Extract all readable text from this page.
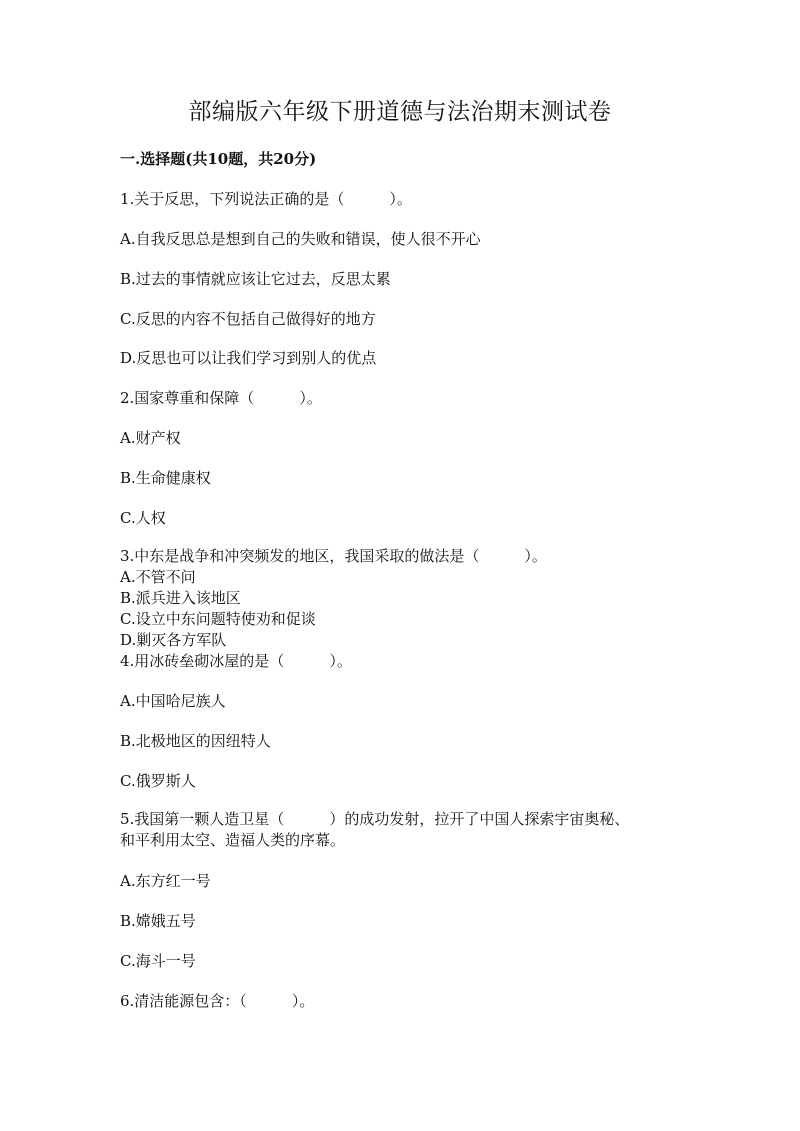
部编版六年级下册道德与法治期末测试卷
一.选择题(共10题，共20分)

1.关于反思，下列说法正确的是（　　　）。

A.自我反思总是想到自己的失败和错误，使人很不开心

B.过去的事情就应该让它过去，反思太累

C.反思的内容不包括自己做得好的地方

D.反思也可以让我们学习到别人的优点

2.国家尊重和保障（　　　）。

A.财产权

B.生命健康权

C.人权

3.中东是战争和冲突频发的地区，我国采取的做法是（　　　）。

A.不管不问

B.派兵进入该地区

C.设立中东问题特使劝和促谈

D.剿灭各方军队

4.用冰砖垒砌冰屋的是（　　　）。

A.中国哈尼族人

B.北极地区的因纽特人

C.俄罗斯人

5.我国第一颗人造卫星（　　　）的成功发射，拉开了中国人探索宇宙奥秘、

和平利用太空、造福人类的序幕。

A.东方红一号

B.嫦娥五号

C.海斗一号

6.清洁能源包含：（　　　）。
